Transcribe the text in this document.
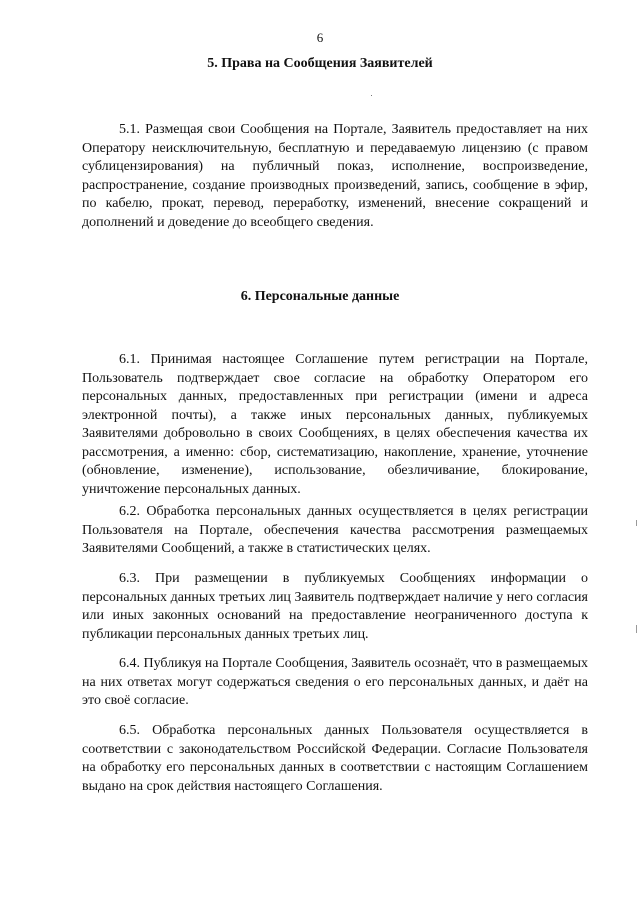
6
5. Права на Сообщения Заявителей

5.1. Размещая свои Сообщения на Портале, Заявитель предоставляет на них Оператору неисключительную, бесплатную и передаваемую лицензию (с правом сублицензирования) на публичный показ, исполнение, воспроизведение, распространение, создание производных произведений, запись, сообщение в эфир, по кабелю, прокат, перевод, переработку, изменений, внесение сокращений и дополнений и доведение до всеобщего сведения.

6. Персональные данные

6.1. Принимая настоящее Соглашение путем регистрации на Портале, Пользователь подтверждает свое согласие на обработку Оператором его персональных данных, предоставленных при регистрации (имени и адреса электронной почты), а также иных персональных данных, публикуемых Заявителями добровольно в своих Сообщениях, в целях обеспечения качества их рассмотрения, а именно: сбор, систематизацию, накопление, хранение, уточнение (обновление, изменение), использование, обезличивание, блокирование, уничтожение персональных данных.

6.2. Обработка персональных данных осуществляется в целях регистрации Пользователя на Портале, обеспечения качества рассмотрения размещаемых Заявителями Сообщений, а также в статистических целях.

6.3. При размещении в публикуемых Сообщениях информации о персональных данных третьих лиц Заявитель подтверждает наличие у него согласия или иных законных оснований на предоставление неограниченного доступа к публикации персональных данных третьих лиц.

6.4. Публикуя на Портале Сообщения, Заявитель осознаёт, что в размещаемых на них ответах могут содержаться сведения о его персональных данных, и даёт на это своё согласие.

6.5. Обработка персональных данных Пользователя осуществляется в соответствии с законодательством Российской Федерации. Согласие Пользователя на обработку его персональных данных в соответствии с настоящим Соглашением выдано на срок действия настоящего Соглашения.
